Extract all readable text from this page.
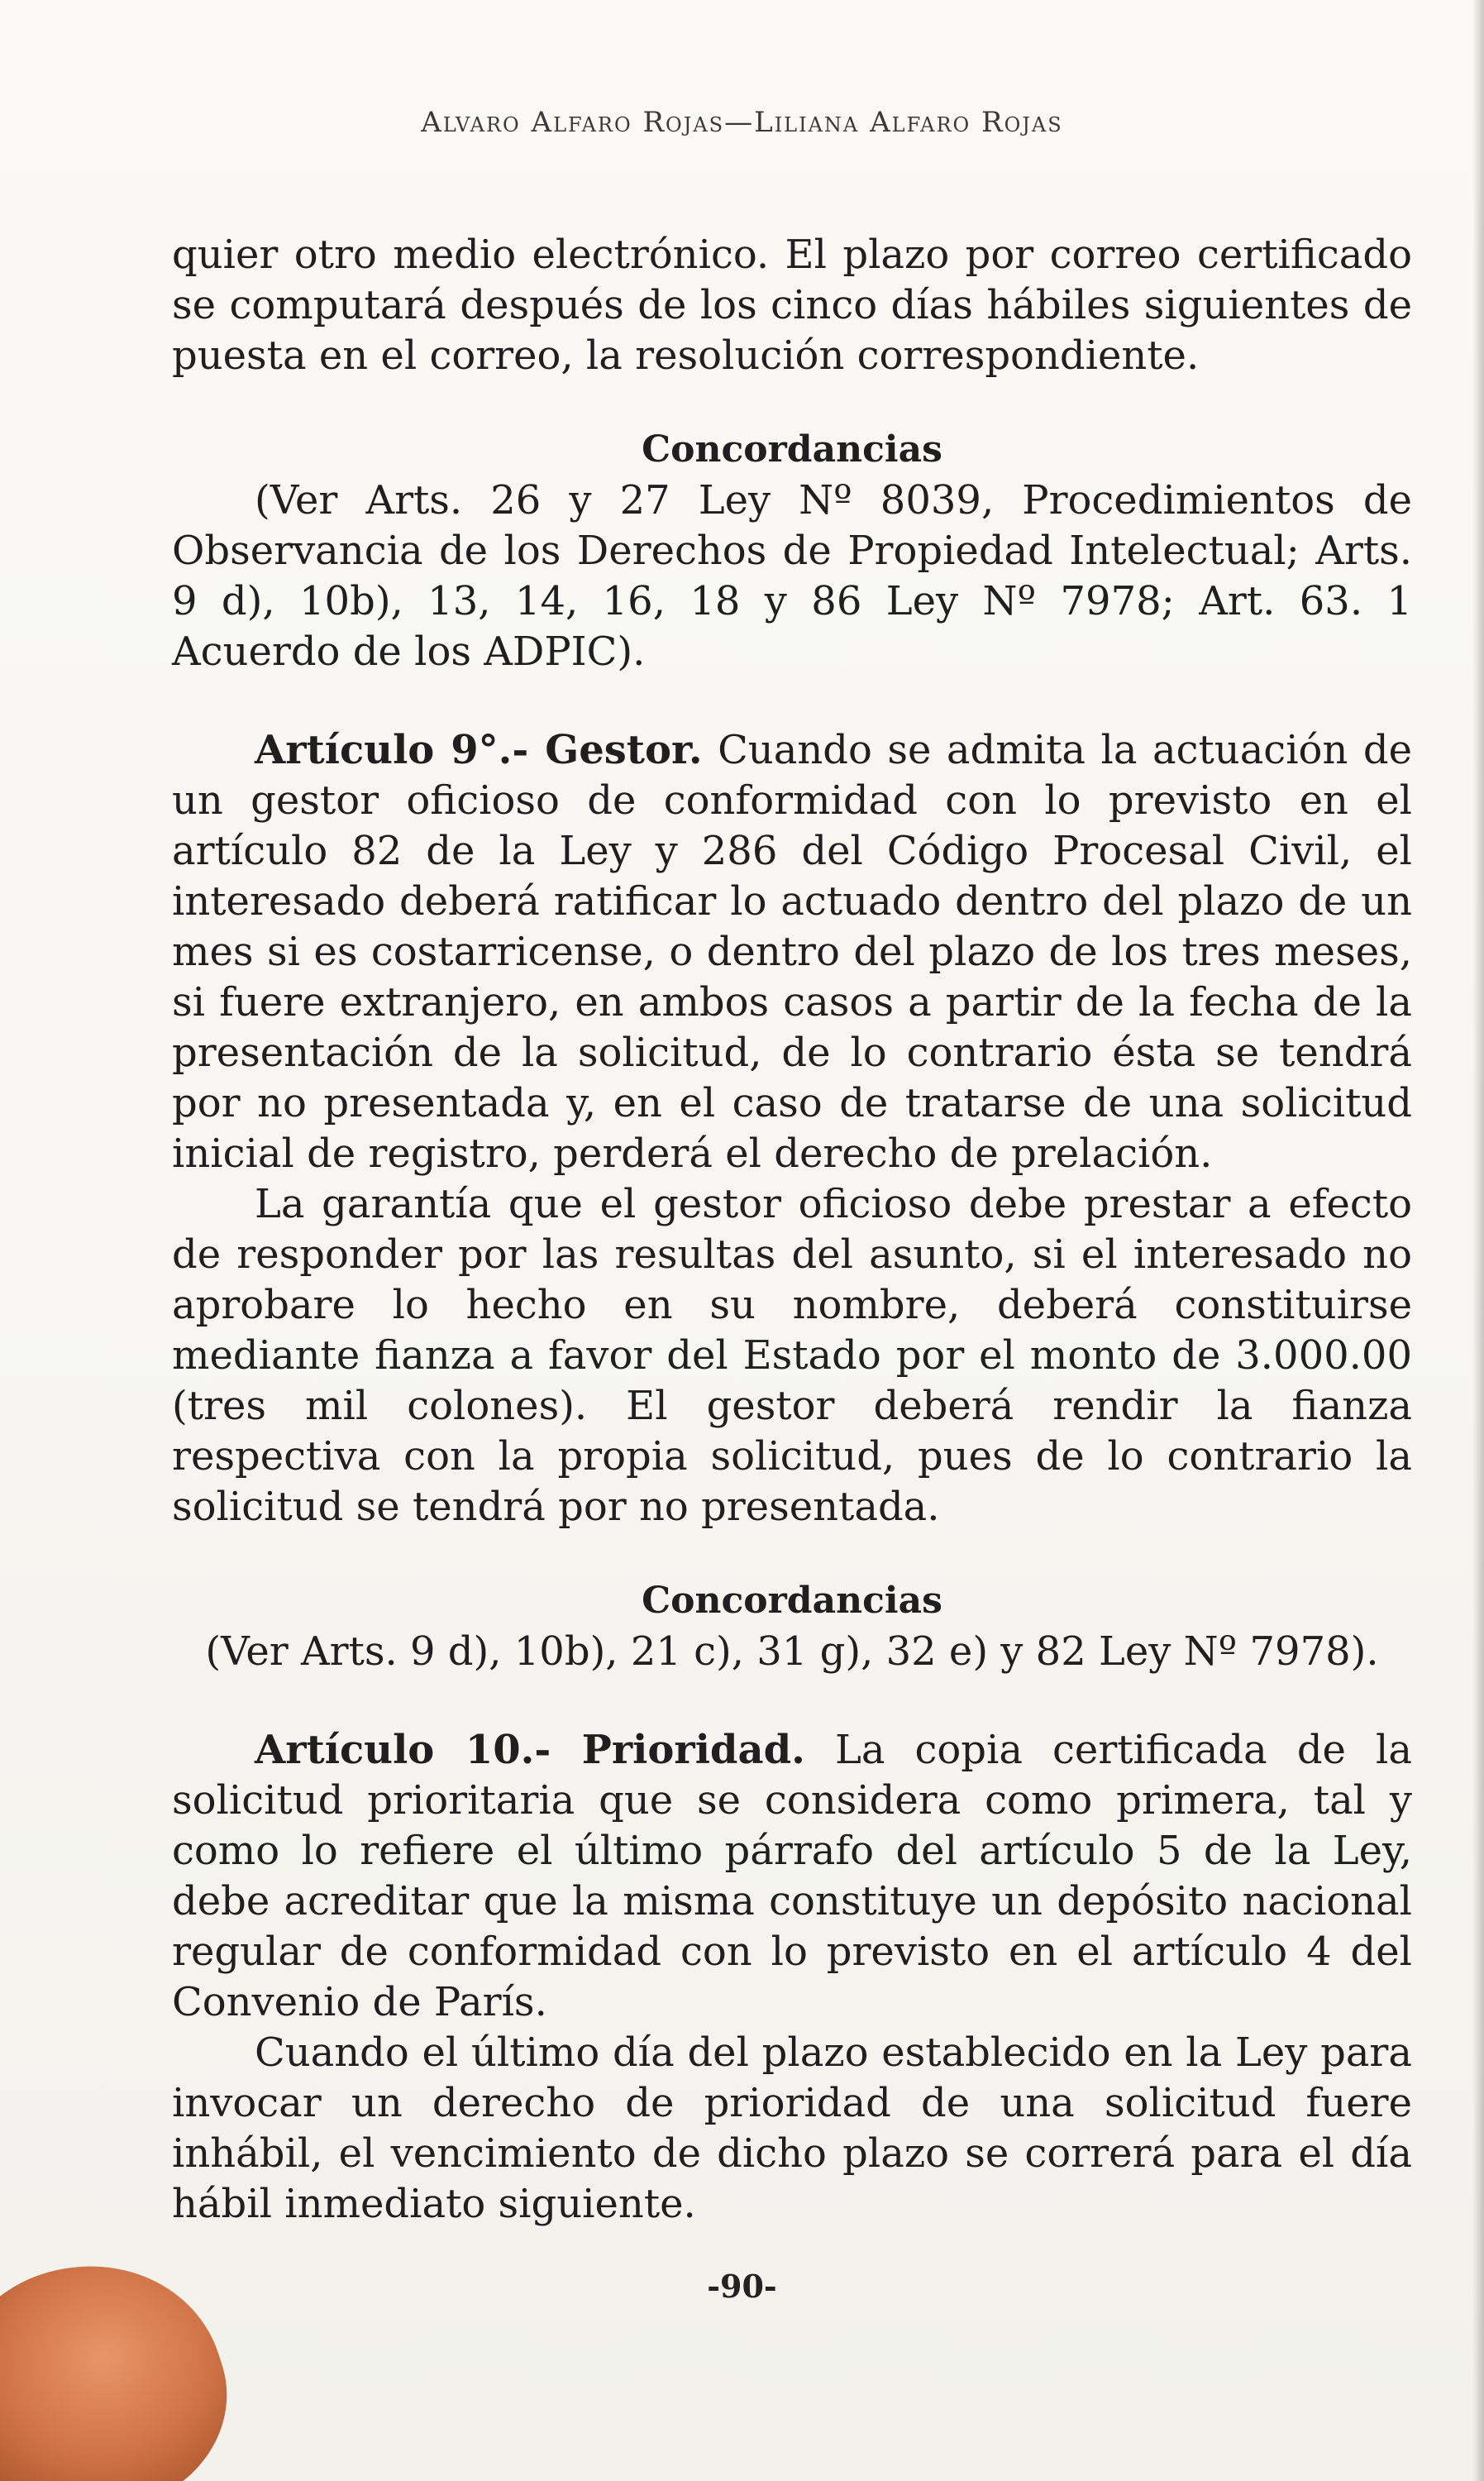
Alvaro Alfaro Rojas—Liliana Alfaro Rojas

quier otro medio electrónico. El plazo por correo certificado se computará después de los cinco días hábiles siguientes de puesta en el correo, la resolución correspondiente.

Concordancias

(Ver Arts. 26 y 27 Ley Nº 8039, Procedimientos de Observancia de los Derechos de Propiedad Intelectual; Arts. 9 d), 10b), 13, 14, 16, 18 y 86 Ley Nº 7978; Art. 63. 1 Acuerdo de los ADPIC).

Artículo 9°.- Gestor. Cuando se admita la actuación de un gestor oficioso de conformidad con lo previsto en el artículo 82 de la Ley y 286 del Código Procesal Civil, el interesado deberá ratificar lo actuado dentro del plazo de un mes si es costarricense, o dentro del plazo de los tres meses, si fuere extranjero, en ambos casos a partir de la fecha de la presentación de la solicitud, de lo contrario ésta se tendrá por no presentada y, en el caso de tratarse de una solicitud inicial de registro, perderá el derecho de prelación.

La garantía que el gestor oficioso debe prestar a efecto de responder por las resultas del asunto, si el interesado no aprobare lo hecho en su nombre, deberá constituirse mediante fianza a favor del Estado por el monto de 3.000.00 (tres mil colones). El gestor deberá rendir la fianza respectiva con la propia solicitud, pues de lo contrario la solicitud se tendrá por no presentada.

Concordancias

(Ver Arts. 9 d), 10b), 21 c), 31 g), 32 e) y 82 Ley Nº 7978).

Artículo 10.- Prioridad. La copia certificada de la solicitud prioritaria que se considera como primera, tal y como lo refiere el último párrafo del artículo 5 de la Ley, debe acreditar que la misma constituye un depósito nacional regular de conformidad con lo previsto en el artículo 4 del Convenio de París.

Cuando el último día del plazo establecido en la Ley para invocar un derecho de prioridad de una solicitud fuere inhábil, el vencimiento de dicho plazo se correrá para el día hábil inmediato siguiente.

-90-
